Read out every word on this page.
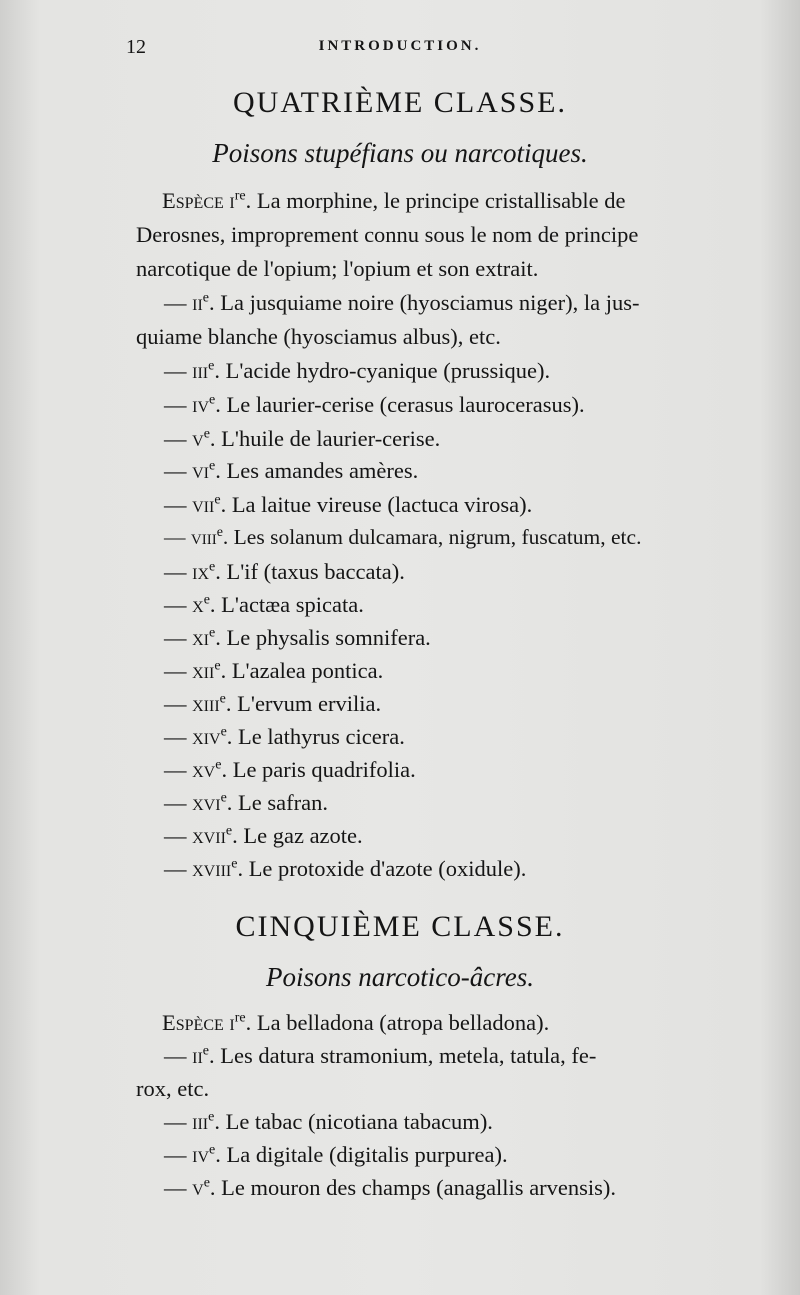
12	INTRODUCTION.
QUATRIÈME CLASSE.
Poisons stupéfians ou narcotiques.
Espèce $i^{re}$. La morphine, le principe cristallisable de
Derosnes, improprement connu sous le nom de principe
narcotique de l'opium; l'opium et son extrait.
— $ii^e$. La jusquiame noire (hyosciamus niger), la jus-
quiame blanche (hyosciamus albus), etc.
— iii$^e$. L'acide hydro-cyanique (prussique).
— $iv^e$. Le laurier-cerise (cerasus laurocerasus).
— $v^e$. L'huile de laurier-cerise.
— $vi^e$. Les amandes amères.
— vii$^e$. La laitue vireuse (lactuca virosa).
— viii$^e$. Les solanum dulcamara, nigrum, fuscatum, etc.
— $ix^e$. L'if (taxus baccata).
— $x^e$. L'actæa spicata.
— $xi^e$. Le physalis somnifera.
— xii$^e$. L'azalea pontica.
— xiii$^e$. L'ervum ervilia.
— xiv$^e$. Le lathyrus cicera.
— $xv^e$. Le paris quadrifolia.
— xvi$^e$. Le safran.
— xvii$^e$. Le gaz azote.
— xviii$^e$. Le protoxide d'azote (oxidule).
CINQUIÈME CLASSE.
Poisons narcotico-âcres.
Espèce $i^{re}$. La belladona (atropa belladona).
— $ii^e$. Les datura stramonium, metela, tatula, fe-
rox, etc.
— iii$^e$. Le tabac (nicotiana tabacum).
— $iv^e$. La digitale (digitalis purpurea).
— $v^e$. Le mouron des champs (anagallis arvensis).
